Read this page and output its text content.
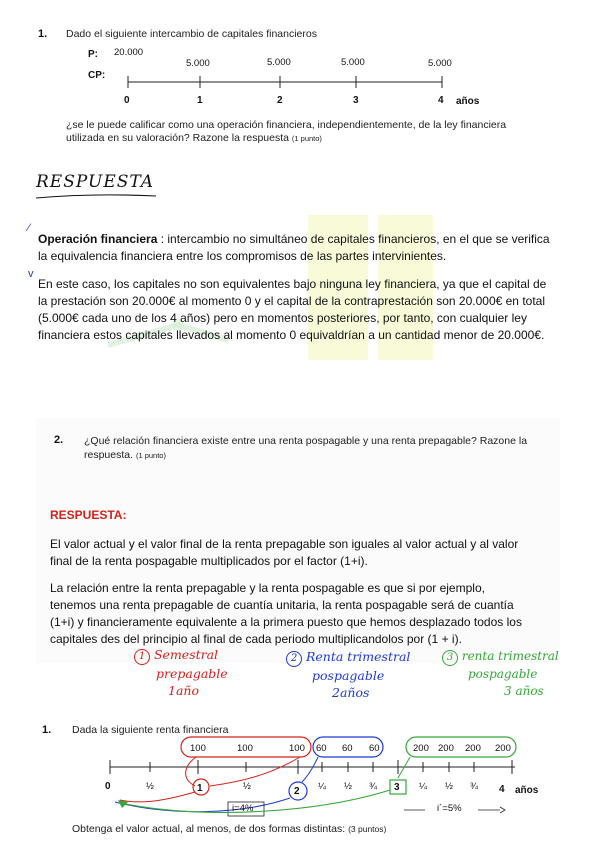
1. Dado el siguiente intercambio de capitales financieros
P: 20.000
CP:
5.000	5.000	5.000	5.000
0	1	2	3	4 años
¿se le puede calificar como una operación financiera, independientemente, de la ley financiera utilizada en su valoración? Razone la respuesta (1 punto)
RESPUESTA
Operación financiera : intercambio no simultáneo de capitales financieros, en el que se verifica la equivalencia financiera entre los compromisos de las partes intervinientes.
En este caso, los capitales no son equivalentes bajo ninguna ley financiera, ya que el capital de la prestación son 20.000€ al momento 0 y el capital de la contraprestación son 20.000€ en total (5.000€ cada uno de los 4 años) pero en momentos posteriores, por tanto, con cualquier ley financiera estos capitales llevados al momento 0 equivaldrían a un cantidad menor de 20.000€.
⁄
v
2. ¿Qué relación financiera existe entre una renta pospagable y una renta prepagable? Razone la respuesta. (1 punto)
RESPUESTA:
El valor actual y el valor final de la renta prepagable son iguales al valor actual y al valor final de la renta pospagable multiplicados por el factor (1+i).
La relación entre la renta prepagable y la renta pospagable es que si por ejemplo, tenemos una renta prepagable de cuantía unitaria, la renta pospagable será de cuantía (1+i) y financieramente equivalente a la primera puesto que hemos desplazado todos los capitales des del principio al final de cada periodo multiplicandolos por (1 + i).
1 Semestral
prepagable
1año
2 Renta trimestral
pospagable
2años
3 renta trimestral
pospagable
3 años
1. Dada la siguiente renta financiera
100	100	100 60 60 60	200 200 200 200
0	½	1	½	2 ¼ ½ ¾ 3 ¼ ½ ¾ 4 años
i=4%	i´=5%
Obtenga el valor actual, al menos, de dos formas distintas: (3 puntos)
